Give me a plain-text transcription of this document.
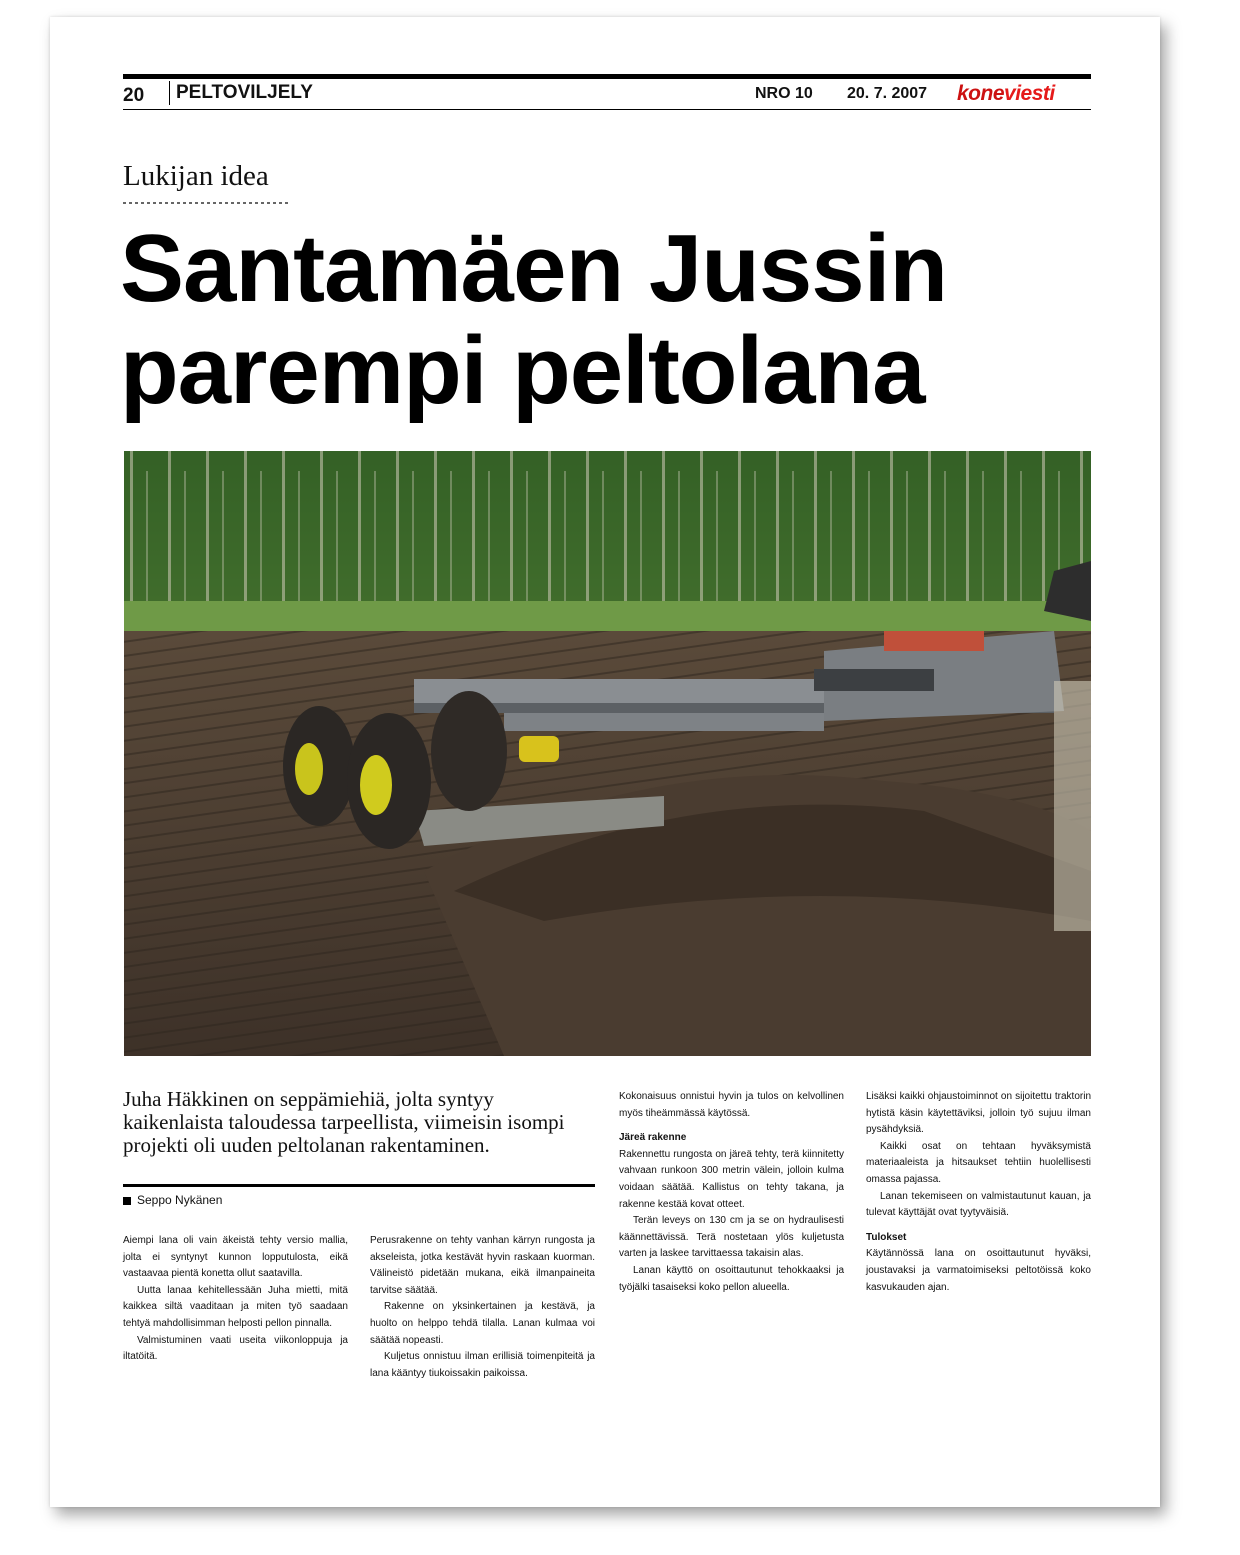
20	PELTOVILJELY	NRO 10 20. 7. 2007 koneviesti
Lukijan idea
Santamäen Jussin
parempi peltolana
Juha Häkkinen on seppämiehiä, jolta syntyy kaikenlaista taloudessa tarpeellista, viimeisin isompi projekti oli uuden peltolanan rakentaminen.
Seppo Nykänen

Aiempi lana oli vain äkeistä tehty versio mallia, jolta ei syntynyt kunnon lopputulosta, eikä vastaavaa pientä konetta ollut saatavilla.

Uutta lanaa kehitellessään Juha mietti, mitä kaikkea siltä vaaditaan ja miten työ saadaan tehtyä mahdollisimman helposti pellon pinnalla.

Valmistuminen vaati useita viikonloppuja ja iltatöitä.

Perusrakenne on tehty vanhan kärryn rungosta ja akseleista, jotka kestävät hyvin raskaan kuorman. Välineistö pidetään mukana, eikä ilmanpaineita tarvitse säätää.

Rakenne on yksinkertainen ja kestävä, ja huolto on helppo tehdä tilalla. Lanan kulmaa voi säätää nopeasti.

Kuljetus onnistuu ilman erillisiä toimenpiteitä ja lana kääntyy tiukoissakin paikoissa.

Kokonaisuus onnistui hyvin ja tulos on kelvollinen myös tiheämmässä käytössä.

Järeä rakenne

Rakennettu rungosta on järeä tehty, terä kiinnitetty vahvaan runkoon 300 metrin välein, jolloin kulma voidaan säätää. Kallistus on tehty takana, ja rakenne kestää kovat otteet.

Terän leveys on 130 cm ja se on hydraulisesti käännettävissä. Terä nostetaan ylös kuljetusta varten ja laskee tarvittaessa takaisin alas.

Lanan käyttö on osoittautunut tehokkaaksi ja työjälki tasaiseksi koko pellon alueella.

Lisäksi kaikki ohjaustoiminnot on sijoitettu traktorin hytistä käsin käytettäviksi, jolloin työ sujuu ilman pysähdyksiä.

Kaikki osat on tehtaan hyväksymistä materiaaleista ja hitsaukset tehtiin huolellisesti omassa pajassa.

Lanan tekemiseen on valmistautunut kauan, ja tulevat käyttäjät ovat tyytyväisiä.

Tulokset

Käytännössä lana on osoittautunut hyväksi, joustavaksi ja varmatoimiseksi peltotöissä koko kasvukauden ajan.
